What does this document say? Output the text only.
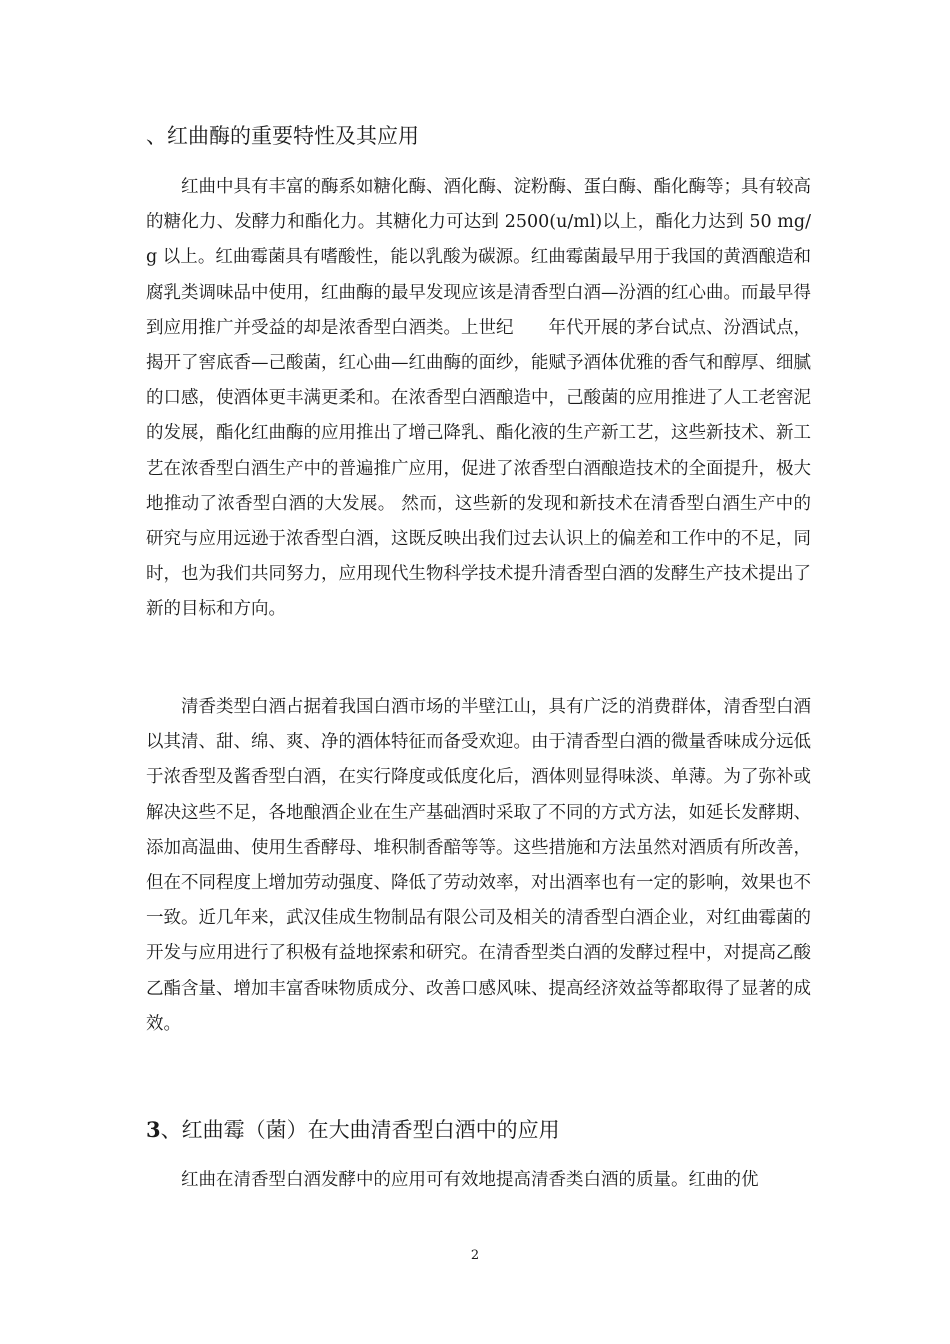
、红曲酶的重要特性及其应用

红曲中具有丰富的酶系如糖化酶、酒化酶、淀粉酶、蛋白酶、酯化酶等；具有较高的糖化力、发酵力和酯化力。其糖化力可达到 2500(u/ml)以上，酯化力达到 50 mg/g 以上。红曲霉菌具有嗜酸性，能以乳酸为碳源。红曲霉菌最早用于我国的黄酒酿造和腐乳类调味品中使用，红曲酶的最早发现应该是清香型白酒—汾酒的红心曲。而最早得到应用推广并受益的却是浓香型白酒类。上世纪　　年代开展的茅台试点、汾酒试点，揭开了窖底香—己酸菌，红心曲—红曲酶的面纱，能赋予酒体优雅的香气和醇厚、细腻的口感，使酒体更丰满更柔和。在浓香型白酒酿造中，己酸菌的应用推进了人工老窖泥的发展，酯化红曲酶的应用推出了增己降乳、酯化液的生产新工艺，这些新技术、新工艺在浓香型白酒生产中的普遍推广应用，促进了浓香型白酒酿造技术的全面提升，极大地推动了浓香型白酒的大发展。 然而，这些新的发现和新技术在清香型白酒生产中的研究与应用远逊于浓香型白酒，这既反映出我们过去认识上的偏差和工作中的不足，同时，也为我们共同努力，应用现代生物科学技术提升清香型白酒的发酵生产技术提出了新的目标和方向。

清香类型白酒占据着我国白酒市场的半壁江山，具有广泛的消费群体，清香型白酒以其清、甜、绵、爽、净的酒体特征而备受欢迎。由于清香型白酒的微量香味成分远低于浓香型及酱香型白酒，在实行降度或低度化后，酒体则显得味淡、单薄。为了弥补或解决这些不足，各地酿酒企业在生产基础酒时采取了不同的方式方法，如延长发酵期、添加高温曲、使用生香酵母、堆积制香醅等等。这些措施和方法虽然对酒质有所改善，但在不同程度上增加劳动强度、降低了劳动效率，对出酒率也有一定的影响，效果也不一致。近几年来，武汉佳成生物制品有限公司及相关的清香型白酒企业，对红曲霉菌的开发与应用进行了积极有益地探索和研究。在清香型类白酒的发酵过程中，对提高乙酸乙酯含量、增加丰富香味物质成分、改善口感风味、提高经济效益等都取得了显著的成效。

3、红曲霉（菌）在大曲清香型白酒中的应用

红曲在清香型白酒发酵中的应用可有效地提高清香类白酒的质量。红曲的优

2
